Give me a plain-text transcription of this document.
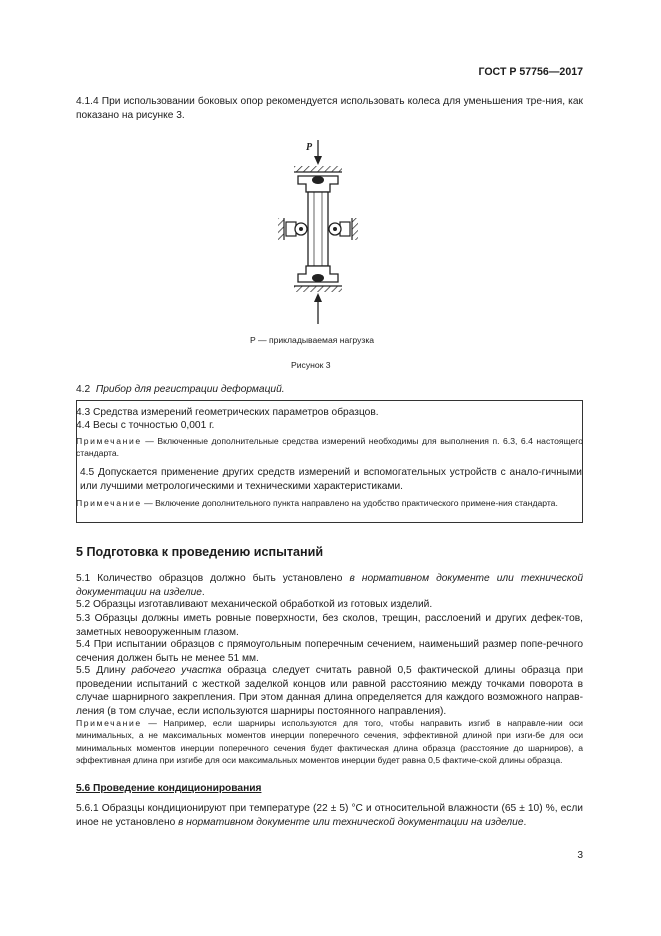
ГОСТ Р 57756—2017
4.1.4 При использовании боковых опор рекомендуется использовать колеса для уменьшения тре-ния, как показано на рисунке 3.
P
P — прикладываемая нагрузка
Рисунок 3
4.2 Прибор для регистрации деформаций.
4.3 Средства измерений геометрических параметров образцов.
4.4 Весы с точностью 0,001 г.
Примечание — Включенные дополнительные средства измерений необходимы для выполнения п. 6.3, 6.4 настоящего стандарта.
4.5 Допускается применение других средств измерений и вспомогательных устройств с анало-гичными или лучшими метрологическими и техническими характеристиками.
Примечание — Включение дополнительного пункта направлено на удобство практического примене-ния стандарта.
5 Подготовка к проведению испытаний
5.1 Количество образцов должно быть установлено в нормативном документе или технической документации на изделие.
5.2 Образцы изготавливают механической обработкой из готовых изделий.
5.3 Образцы должны иметь ровные поверхности, без сколов, трещин, расслоений и других дефек-тов, заметных невооруженным глазом.
5.4 При испытании образцов с прямоугольным поперечным сечением, наименьший размер попе-речного сечения должен быть не менее 51 мм.
5.5 Длину рабочего участка образца следует считать равной 0,5 фактической длины образца при проведении испытаний с жесткой заделкой концов или равной расстоянию между точками поворота в случае шарнирного закрепления. При этом данная длина определяется для каждого возможного направ-ления (в том случае, если используются шарниры постоянного направления).
Примечание — Например, если шарниры используются для того, чтобы направить изгиб в направле-нии оси минимальных, а не максимальных моментов инерции поперечного сечения, эффективной длиной при изги-бе для оси минимальных моментов инерции поперечного сечения будет фактическая длина образца (расстояние до шарниров), а эффективная длина при изгибе для оси максимальных моментов инерции будет равна 0,5 фактиче-ской длины образца.
5.6 Проведение кондиционирования
5.6.1 Образцы кондиционируют при температуре (22 ± 5) °С и относительной влажности (65 ± 10) %, если иное не установлено в нормативном документе или технической документации на изделие.
3
